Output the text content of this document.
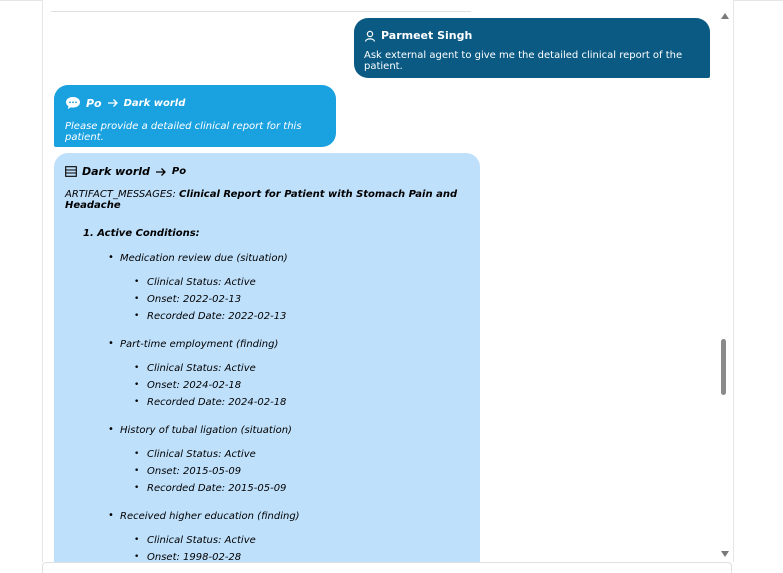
Parmeet Singh
Ask external agent to give me the detailed clinical report of the patient.
Po Dark world
Please provide a detailed clinical report for this patient.
Dark world Po
ARTIFACT_MESSAGES: Clinical Report for Patient with Stomach Pain and Headache
1. Active Conditions:
• Medication review due (situation)
• Clinical Status: Active
• Onset: 2022-02-13
• Recorded Date: 2022-02-13
• Part-time employment (finding)
• Clinical Status: Active
• Onset: 2024-02-18
• Recorded Date: 2024-02-18
• History of tubal ligation (situation)
• Clinical Status: Active
• Onset: 2015-05-09
• Recorded Date: 2015-05-09
• Received higher education (finding)
• Clinical Status: Active
• Onset: 1998-02-28
